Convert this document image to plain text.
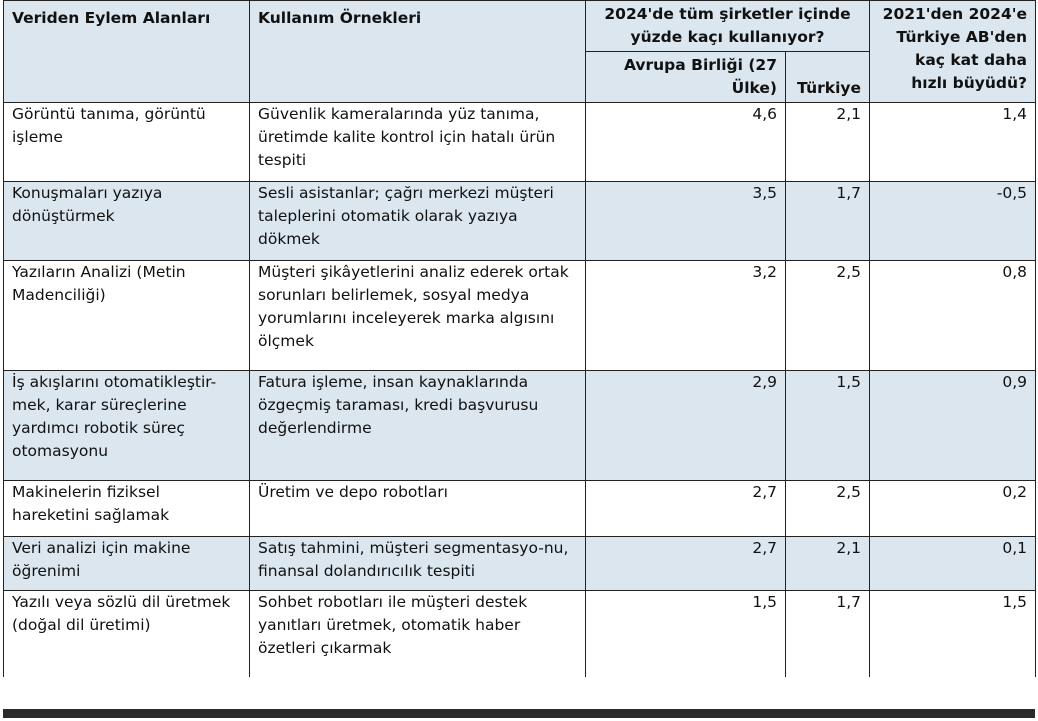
Veriden Eylem Alanları	Kullanım Örnekleri	2024'de tüm şirketler içinde yüzde kaçı kullanıyor?		2021'den 2024'e Türkiye AB'den kaç kat daha hızlı büyüdü?
		Avrupa Birliği (27 Ülke)	Türkiye	
Görüntü tanıma, görüntü işleme	Güvenlik kameralarında yüz tanıma, üretimde kalite kontrol için hatalı ürün tespiti	4,6	2,1	1,4
Konuşmaları yazıya dönüştürmek	Sesli asistanlar; çağrı merkezi müşteri taleplerini otomatik olarak yazıya dökmek	3,5	1,7	-0,5
Yazıların Analizi (Metin Madenciliği)	Müşteri şikâyetlerini analiz ederek ortak sorunları belirlemek, sosyal medya yorumlarını inceleyerek marka algısını ölçmek	3,2	2,5	0,8
İş akışlarını otomatikleştir-mek, karar süreçlerine yardımcı robotik süreç otomasyonu	Fatura işleme, insan kaynaklarında özgeçmiş taraması, kredi başvurusu değerlendirme	2,9	1,5	0,9
Makinelerin fiziksel hareketini sağlamak	Üretim ve depo robotları	2,7	2,5	0,2
Veri analizi için makine öğrenimi	Satış tahmini, müşteri segmentasyo-nu, finansal dolandırıcılık tespiti	2,7	2,1	0,1
Yazılı veya sözlü dil üretmek (doğal dil üretimi)	Sohbet robotları ile müşteri destek yanıtları üretmek, otomatik haber özetleri çıkarmak	1,5	1,7	1,5
